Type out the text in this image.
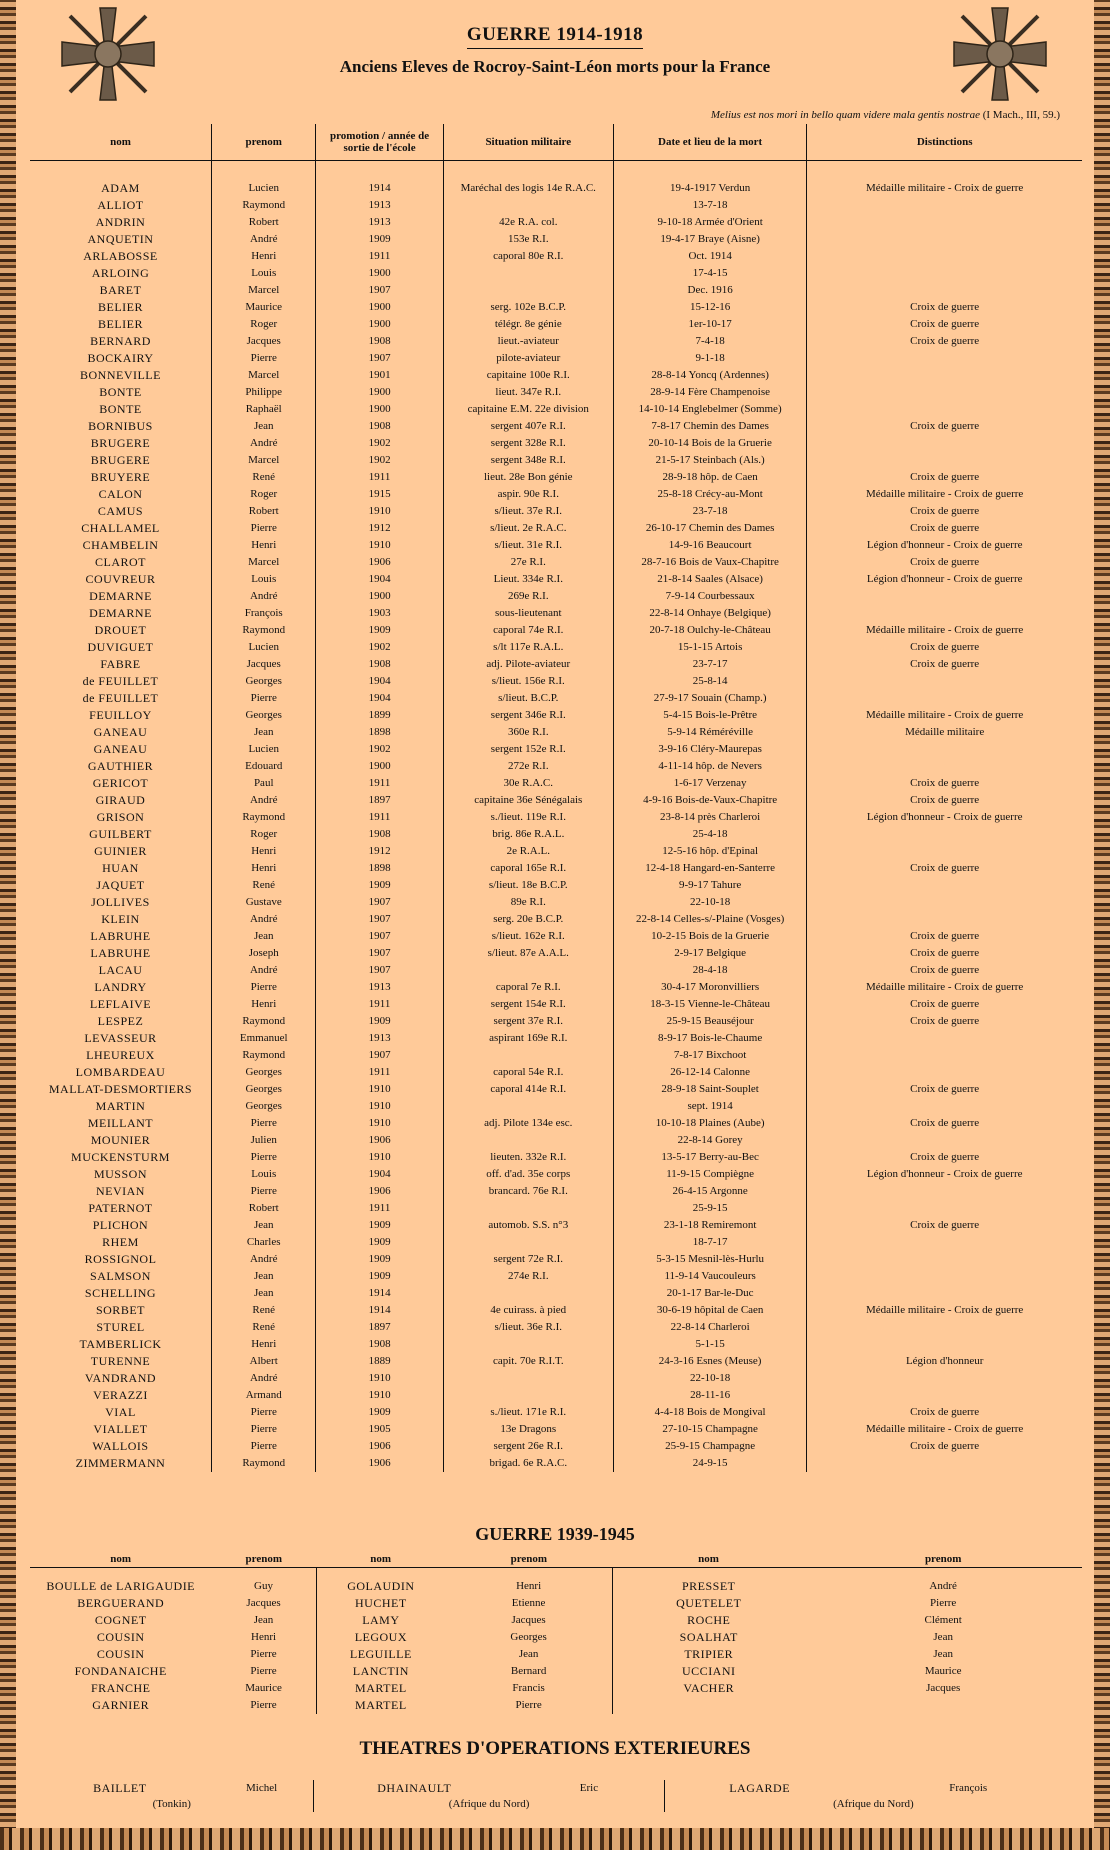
GUERRE 1914-1918
Anciens Eleves de Rocroy-Saint-Léon morts pour la France
Melius est nos mori in bello quam videre mala gentis nostrae (I Mach., III, 59.)
nom	prenom	promotion / année de sortie de l'école	Situation militaire	Date et lieu de la mort	Distinctions

ADAM	Lucien	1914	Maréchal des logis 14e R.A.C.	19-4-1917 Verdun	Médaille militaire - Croix de guerre
ALLIOT	Raymond	1913		13-7-18	
ANDRIN	Robert	1913	42e R.A. col.	9-10-18 Armée d'Orient	
ANQUETIN	André	1909	153e R.I.	19-4-17 Braye (Aisne)	
ARLABOSSE	Henri	1911	caporal 80e R.I.	Oct. 1914	
ARLOING	Louis	1900		17-4-15	
BARET	Marcel	1907		Dec. 1916	
BELIER	Maurice	1900	serg. 102e B.C.P.	15-12-16	Croix de guerre
BELIER	Roger	1900	télégr. 8e génie	1er-10-17	Croix de guerre
BERNARD	Jacques	1908	lieut.-aviateur	7-4-18	Croix de guerre
BOCKAIRY	Pierre	1907	pilote-aviateur	9-1-18	
BONNEVILLE	Marcel	1901	capitaine 100e R.I.	28-8-14 Yoncq (Ardennes)	
BONTE	Philippe	1900	lieut. 347e R.I.	28-9-14 Fère Champenoise	
BONTE	Raphaël	1900	capitaine E.M. 22e division	14-10-14 Englebelmer (Somme)	
BORNIBUS	Jean	1908	sergent 407e R.I.	7-8-17 Chemin des Dames	Croix de guerre
BRUGERE	André	1902	sergent 328e R.I.	20-10-14 Bois de la Gruerie	
BRUGERE	Marcel	1902	sergent 348e R.I.	21-5-17 Steinbach (Als.)	
BRUYERE	René	1911	lieut. 28e Bon génie	28-9-18 hôp. de Caen	Croix de guerre
CALON	Roger	1915	aspir. 90e R.I.	25-8-18 Crécy-au-Mont	Médaille militaire - Croix de guerre
CAMUS	Robert	1910	s/lieut. 37e R.I.	23-7-18	Croix de guerre
CHALLAMEL	Pierre	1912	s/lieut. 2e R.A.C.	26-10-17 Chemin des Dames	Croix de guerre
CHAMBELIN	Henri	1910	s/lieut. 31e R.I.	14-9-16 Beaucourt	Légion d'honneur - Croix de guerre
CLAROT	Marcel	1906	27e R.I.	28-7-16 Bois de Vaux-Chapitre	Croix de guerre
COUVREUR	Louis	1904	Lieut. 334e R.I.	21-8-14 Saales (Alsace)	Légion d'honneur - Croix de guerre
DEMARNE	André	1900	269e R.I.	7-9-14 Courbessaux	
DEMARNE	François	1903	sous-lieutenant	22-8-14 Onhaye (Belgique)	
DROUET	Raymond	1909	caporal 74e R.I.	20-7-18 Oulchy-le-Château	Médaille militaire - Croix de guerre
DUVIGUET	Lucien	1902	s/lt 117e R.A.L.	15-1-15 Artois	Croix de guerre
FABRE	Jacques	1908	adj. Pilote-aviateur	23-7-17	Croix de guerre
de FEUILLET	Georges	1904	s/lieut. 156e R.I.	25-8-14	
de FEUILLET	Pierre	1904	s/lieut. B.C.P.	27-9-17 Souain (Champ.)	
FEUILLOY	Georges	1899	sergent 346e R.I.	5-4-15 Bois-le-Prêtre	Médaille militaire - Croix de guerre
GANEAU	Jean	1898	360e R.I.	5-9-14 Réméréville	Médaille militaire
GANEAU	Lucien	1902	sergent 152e R.I.	3-9-16 Cléry-Maurepas	
GAUTHIER	Edouard	1900	272e R.I.	4-11-14 hôp. de Nevers	
GERICOT	Paul	1911	30e R.A.C.	1-6-17 Verzenay	Croix de guerre
GIRAUD	André	1897	capitaine 36e Sénégalais	4-9-16 Bois-de-Vaux-Chapitre	Croix de guerre
GRISON	Raymond	1911	s./lieut. 119e R.I.	23-8-14 près Charleroi	Légion d'honneur - Croix de guerre
GUILBERT	Roger	1908	brig. 86e R.A.L.	25-4-18	
GUINIER	Henri	1912	2e R.A.L.	12-5-16 hôp. d'Epinal	
HUAN	Henri	1898	caporal 165e R.I.	12-4-18 Hangard-en-Santerre	Croix de guerre
JAQUET	René	1909	s/lieut. 18e B.C.P.	9-9-17 Tahure	
JOLLIVES	Gustave	1907	89e R.I.	22-10-18	
KLEIN	André	1907	serg. 20e B.C.P.	22-8-14 Celles-s/-Plaine (Vosges)	
LABRUHE	Jean	1907	s/lieut. 162e R.I.	10-2-15 Bois de la Gruerie	Croix de guerre
LABRUHE	Joseph	1907	s/lieut. 87e A.A.L.	2-9-17 Belgique	Croix de guerre
LACAU	André	1907		28-4-18	Croix de guerre
LANDRY	Pierre	1913	caporal 7e R.I.	30-4-17 Moronvilliers	Médaille militaire - Croix de guerre
LEFLAIVE	Henri	1911	sergent 154e R.I.	18-3-15 Vienne-le-Château	Croix de guerre
LESPEZ	Raymond	1909	sergent 37e R.I.	25-9-15 Beauséjour	Croix de guerre
LEVASSEUR	Emmanuel	1913	aspirant 169e R.I.	8-9-17 Bois-le-Chaume	
LHEUREUX	Raymond	1907		7-8-17 Bixchoot	
LOMBARDEAU	Georges	1911	caporal 54e R.I.	26-12-14 Calonne	
MALLAT-DESMORTIERS	Georges	1910	caporal 414e R.I.	28-9-18 Saint-Souplet	Croix de guerre
MARTIN	Georges	1910		sept. 1914	
MEILLANT	Pierre	1910	adj. Pilote 134e esc.	10-10-18 Plaines (Aube)	Croix de guerre
MOUNIER	Julien	1906		22-8-14 Gorey	
MUCKENSTURM	Pierre	1910	lieuten. 332e R.I.	13-5-17 Berry-au-Bec	Croix de guerre
MUSSON	Louis	1904	off. d'ad. 35e corps	11-9-15 Compiègne	Légion d'honneur - Croix de guerre
NEVIAN	Pierre	1906	brancard. 76e R.I.	26-4-15 Argonne	
PATERNOT	Robert	1911		25-9-15	
PLICHON	Jean	1909	automob. S.S. n°3	23-1-18 Remiremont	Croix de guerre
RHEM	Charles	1909		18-7-17	
ROSSIGNOL	André	1909	sergent 72e R.I.	5-3-15 Mesnil-lès-Hurlu	
SALMSON	Jean	1909	274e R.I.	11-9-14 Vaucouleurs	
SCHELLING	Jean	1914		20-1-17 Bar-le-Duc	
SORBET	René	1914	4e cuirass. à pied	30-6-19 hôpital de Caen	Médaille militaire - Croix de guerre
STUREL	René	1897	s/lieut. 36e R.I.	22-8-14 Charleroi	
TAMBERLICK	Henri	1908		5-1-15	
TURENNE	Albert	1889	capit. 70e R.I.T.	24-3-16 Esnes (Meuse)	Légion d'honneur
VANDRAND	André	1910		22-10-18	
VERAZZI	Armand	1910		28-11-16	
VIAL	Pierre	1909	s./lieut. 171e R.I.	4-4-18 Bois de Mongival	Croix de guerre
VIALLET	Pierre	1905	13e Dragons	27-10-15 Champagne	Médaille militaire - Croix de guerre
WALLOIS	Pierre	1906	sergent 26e R.I.	25-9-15 Champagne	Croix de guerre
ZIMMERMANN	Raymond	1906	brigad. 6e R.A.C.	24-9-15	
GUERRE 1939-1945
nom	prenom	nom	prenom	nom	prenom

BOULLE de LARIGAUDIE	Guy	GOLAUDIN	Henri	PRESSET	André
BERGUERAND	Jacques	HUCHET	Etienne	QUETELET	Pierre
COGNET	Jean	LAMY	Jacques	ROCHE	Clément
COUSIN	Henri	LEGOUX	Georges	SOALHAT	Jean
COUSIN	Pierre	LEGUILLE	Jean	TRIPIER	Jean
FONDANAICHE	Pierre	LANCTIN	Bernard	UCCIANI	Maurice
FRANCHE	Maurice	MARTEL	Francis	VACHER	Jacques
GARNIER	Pierre	MARTEL	Pierre		
THEATRES D'OPERATIONS EXTERIEURES
BAILLET	Michel	DHAINAULT	Eric	LAGARDE	François
(Tonkin)		(Afrique du Nord)		(Afrique du Nord)	
